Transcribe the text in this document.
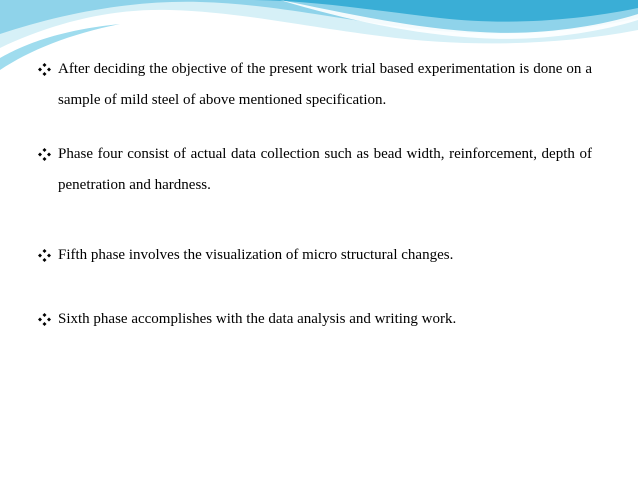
After deciding the objective of the present work trial based experimentation is done on a sample of mild steel of above mentioned specification.
Phase four consist of actual data collection such as bead width, reinforcement, depth of penetration and hardness.
Fifth phase involves the visualization of micro structural changes.
Sixth phase accomplishes with the data analysis and writing work.
